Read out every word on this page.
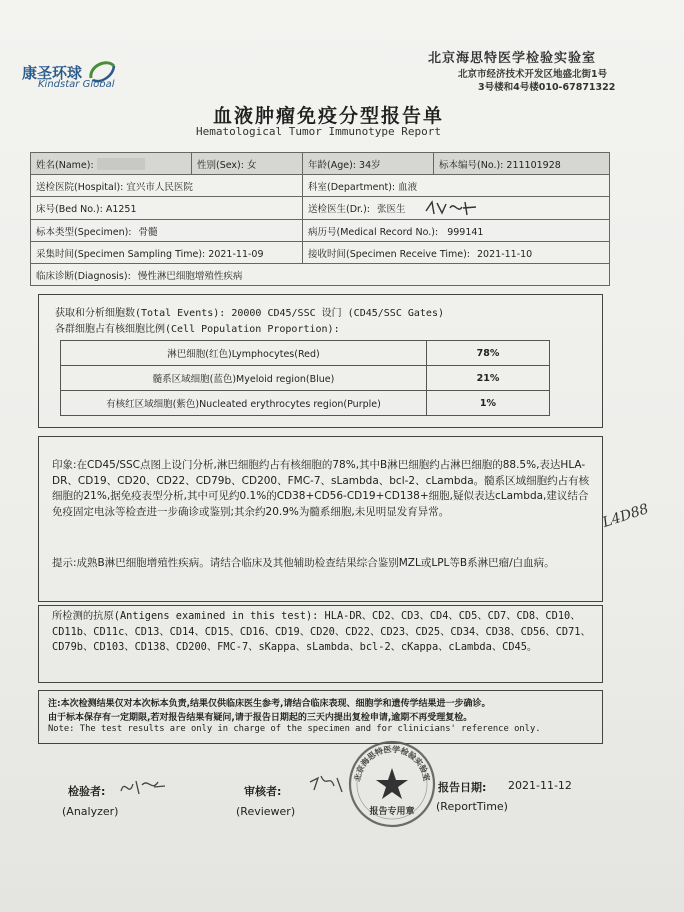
康圣环球
Kindstar Global
北京海思特医学检验实验室
北京市经济技术开发区地盛北街1号
3号楼和4号楼010-67871322
血液肿瘤免疫分型报告单
Hematological Tumor Immunotype Report
姓名(Name):	性别(Sex): 女	年龄(Age): 34岁	标本编号(No.): 211101928
送检医院(Hospital): 宜兴市人民医院		科室(Department): 血液	
床号(Bed No.): A1251		送检医生(Dr.): 张医生	
标本类型(Specimen): 骨髓		病历号(Medical Record No.): 999141	
采集时间(Specimen Sampling Time): 2021-11-09		接收时间(Specimen Receive Time): 2021-11-10	
临床诊断(Diagnosis): 慢性淋巴细胞增殖性疾病			
获取和分析细胞数(Total Events): 20000 CD45/SSC 设门 (CD45/SSC Gates)
各群细胞占有核细胞比例(Cell Population Proportion):
淋巴细胞(红色)Lymphocytes(Red)	78%
髓系区域细胞(蓝色)Myeloid region(Blue)	21%
有核红区域细胞(紫色)Nucleated erythrocytes region(Purple)	1%
印象:在CD45/SSC点图上设门分析,淋巴细胞约占有核细胞的78%,其中B淋巴细胞约占淋巴细胞的88.5%,表达HLA-DR、CD19、CD20、CD22、CD79b、CD200、FMC-7、sLambda、bcl-2、cLambda。髓系区域细胞约占有核细胞的21%,据免疫表型分析,其中可见约0.1%的CD38+CD56-CD19+CD138+细胞,疑似表达cLambda,建议结合免疫固定电泳等检查进一步确诊或鉴别;其余约20.9%为髓系细胞,未见明显发育异常。
提示:成熟B淋巴细胞增殖性疾病。请结合临床及其他辅助检查结果综合鉴别MZL或LPL等B系淋巴瘤/白血病。
L4D88
所检测的抗原(Antigens examined in this test): HLA-DR、CD2、CD3、CD4、CD5、CD7、CD8、CD10、CD11b、CD11c、CD13、CD14、CD15、CD16、CD19、CD20、CD22、CD23、CD25、CD34、CD38、CD56、CD71、CD79b、CD103、CD138、CD200、FMC-7、sKappa、sLambda、bcl-2、cKappa、cLambda、CD45。
注:本次检测结果仅对本次标本负责,结果仅供临床医生参考,请结合临床表现、细胞学和遗传学结果进一步确诊。
由于标本保存有一定期限,若对报告结果有疑问,请于报告日期起的三天内提出复检申请,逾期不再受理复检。
Note: The test results are only in charge of the specimen and for clinicians' reference only.
检验者:
(Analyzer)
审核者:
(Reviewer)
北京海思特医学检验实验室
报告专用章
报告日期: 2021-11-12
(ReportTime)
